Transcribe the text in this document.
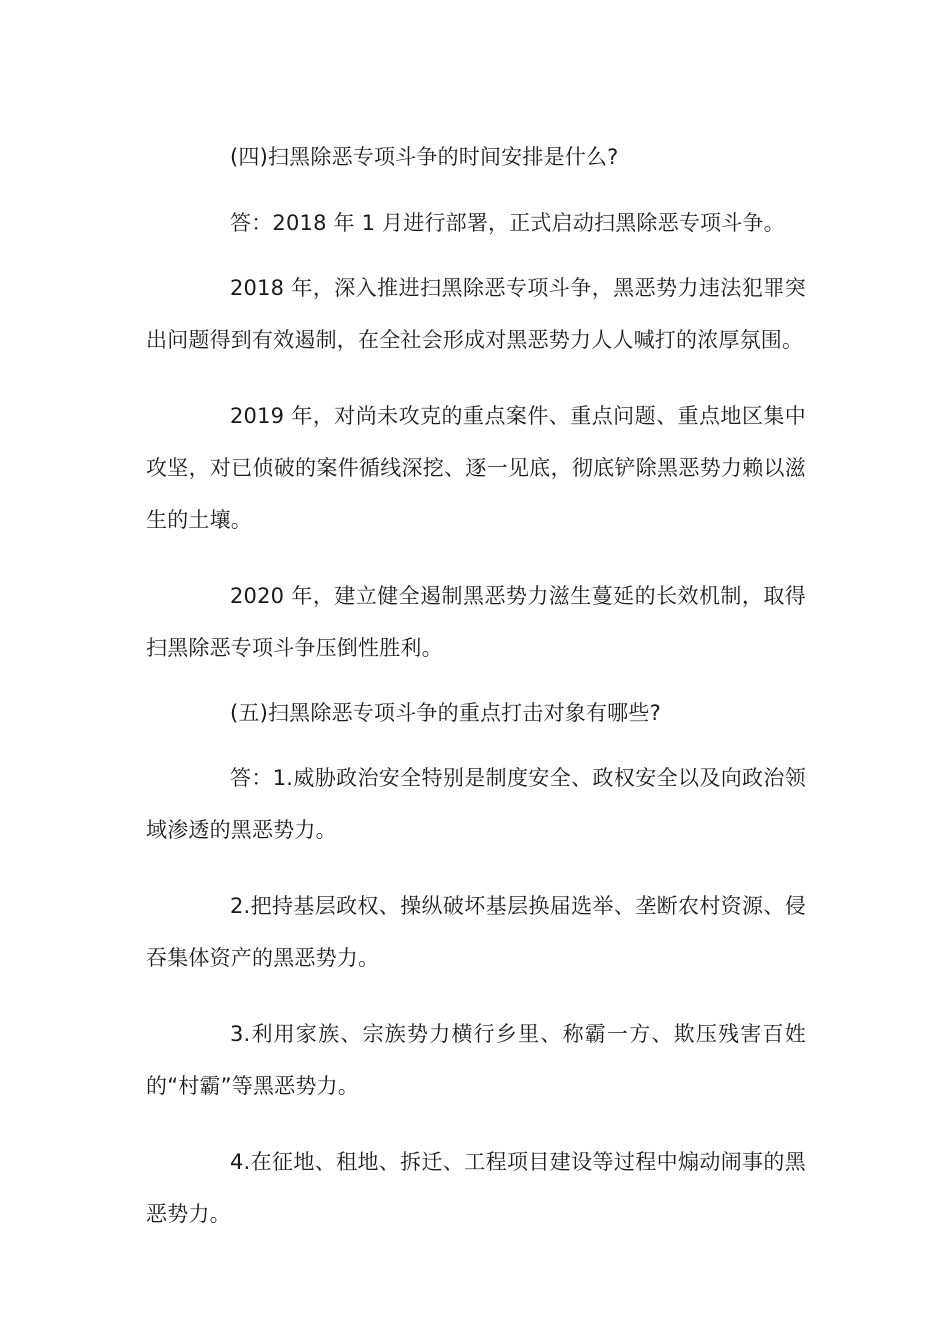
(四)扫黑除恶专项斗争的时间安排是什么?

答：2018 年 1 月进行部署，正式启动扫黑除恶专项斗争。

2018 年，深入推进扫黑除恶专项斗争，黑恶势力违法犯罪突出问题得到有效遏制，在全社会形成对黑恶势力人人喊打的浓厚氛围。

2019 年，对尚未攻克的重点案件、重点问题、重点地区集中攻坚，对已侦破的案件循线深挖、逐一见底，彻底铲除黑恶势力赖以滋生的土壤。

2020 年，建立健全遏制黑恶势力滋生蔓延的长效机制，取得扫黑除恶专项斗争压倒性胜利。

(五)扫黑除恶专项斗争的重点打击对象有哪些?

答：1.威胁政治安全特别是制度安全、政权安全以及向政治领域渗透的黑恶势力。

2.把持基层政权、操纵破坏基层换届选举、垄断农村资源、侵吞集体资产的黑恶势力。

3.利用家族、宗族势力横行乡里、称霸一方、欺压残害百姓的“村霸”等黑恶势力。

4.在征地、租地、拆迁、工程项目建设等过程中煽动闹事的黑恶势力。
